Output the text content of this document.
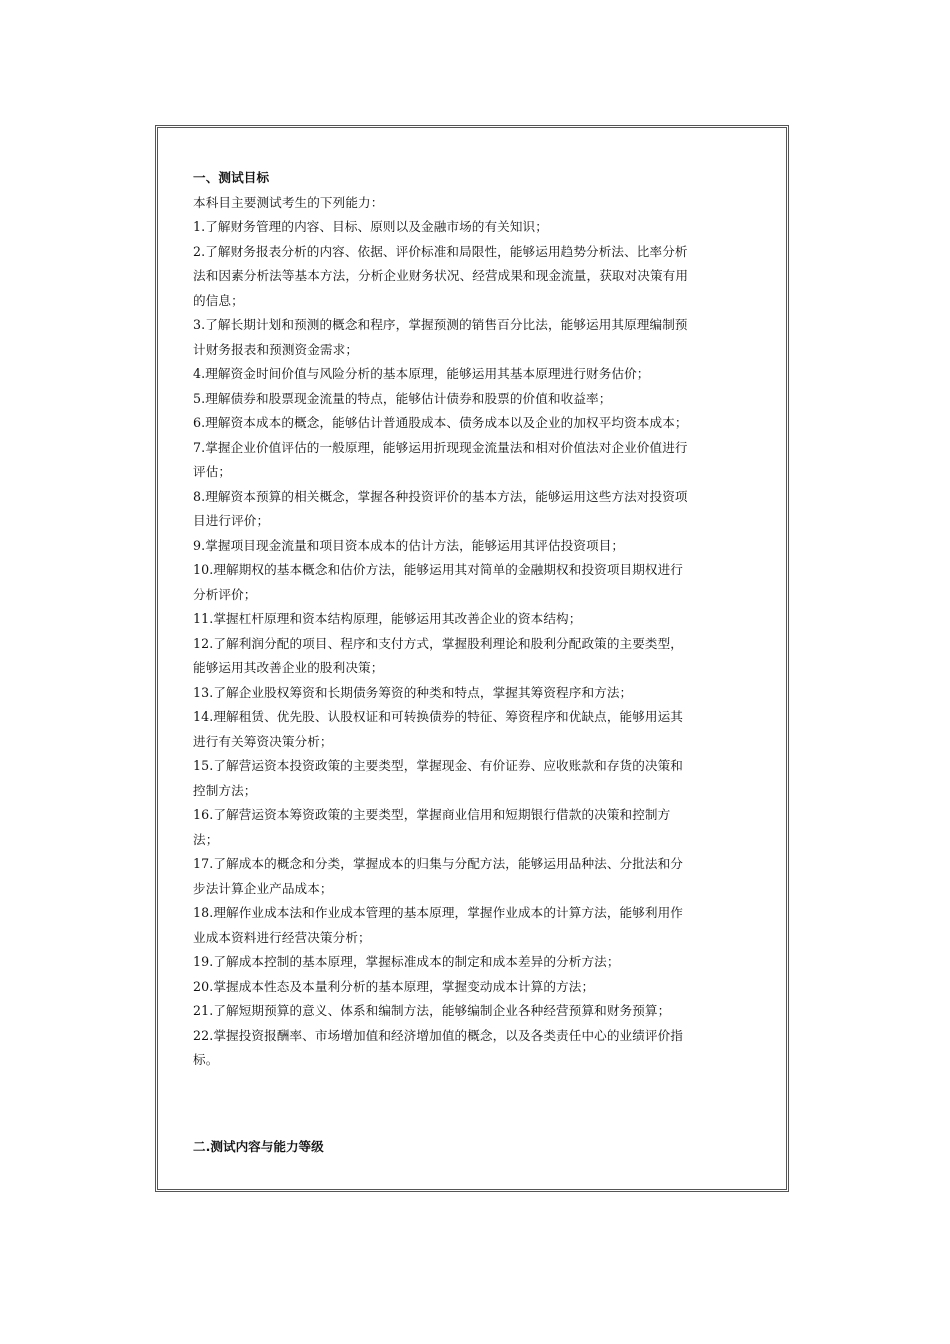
一、测试目标
本科目主要测试考生的下列能力：
1.了解财务管理的内容、目标、原则以及金融市场的有关知识；
2.了解财务报表分析的内容、依据、评价标准和局限性，能够运用趋势分析法、比率分析
法和因素分析法等基本方法，分析企业财务状况、经营成果和现金流量，获取对决策有用
的信息；
3.了解长期计划和预测的概念和程序，掌握预测的销售百分比法，能够运用其原理编制预
计财务报表和预测资金需求；
4.理解资金时间价值与风险分析的基本原理，能够运用其基本原理进行财务估价；
5.理解债券和股票现金流量的特点，能够估计债券和股票的价值和收益率；
6.理解资本成本的概念，能够估计普通股成本、债务成本以及企业的加权平均资本成本；
7.掌握企业价值评估的一般原理，能够运用折现现金流量法和相对价值法对企业价值进行
评估；
8.理解资本预算的相关概念，掌握各种投资评价的基本方法，能够运用这些方法对投资项
目进行评价；
9.掌握项目现金流量和项目资本成本的估计方法，能够运用其评估投资项目；
10.理解期权的基本概念和估价方法，能够运用其对简单的金融期权和投资项目期权进行
分析评价；
11.掌握杠杆原理和资本结构原理，能够运用其改善企业的资本结构；
12.了解利润分配的项目、程序和支付方式，掌握股利理论和股利分配政策的主要类型，
能够运用其改善企业的股利决策；
13.了解企业股权筹资和长期债务筹资的种类和特点，掌握其筹资程序和方法；
14.理解租赁、优先股、认股权证和可转换债券的特征、筹资程序和优缺点，能够用运其
进行有关筹资决策分析；
15.了解营运资本投资政策的主要类型，掌握现金、有价证券、应收账款和存货的决策和
控制方法；
16.了解营运资本筹资政策的主要类型，掌握商业信用和短期银行借款的决策和控制方
法；
17.了解成本的概念和分类，掌握成本的归集与分配方法，能够运用品种法、分批法和分
步法计算企业产品成本；
18.理解作业成本法和作业成本管理的基本原理，掌握作业成本的计算方法，能够利用作
业成本资料进行经营决策分析；
19.了解成本控制的基本原理，掌握标准成本的制定和成本差异的分析方法；
20.掌握成本性态及本量利分析的基本原理，掌握变动成本计算的方法；
21.了解短期预算的意义、体系和编制方法，能够编制企业各种经营预算和财务预算；
22.掌握投资报酬率、市场增加值和经济增加值的概念，以及各类责任中心的业绩评价指
标。
二.测试内容与能力等级
